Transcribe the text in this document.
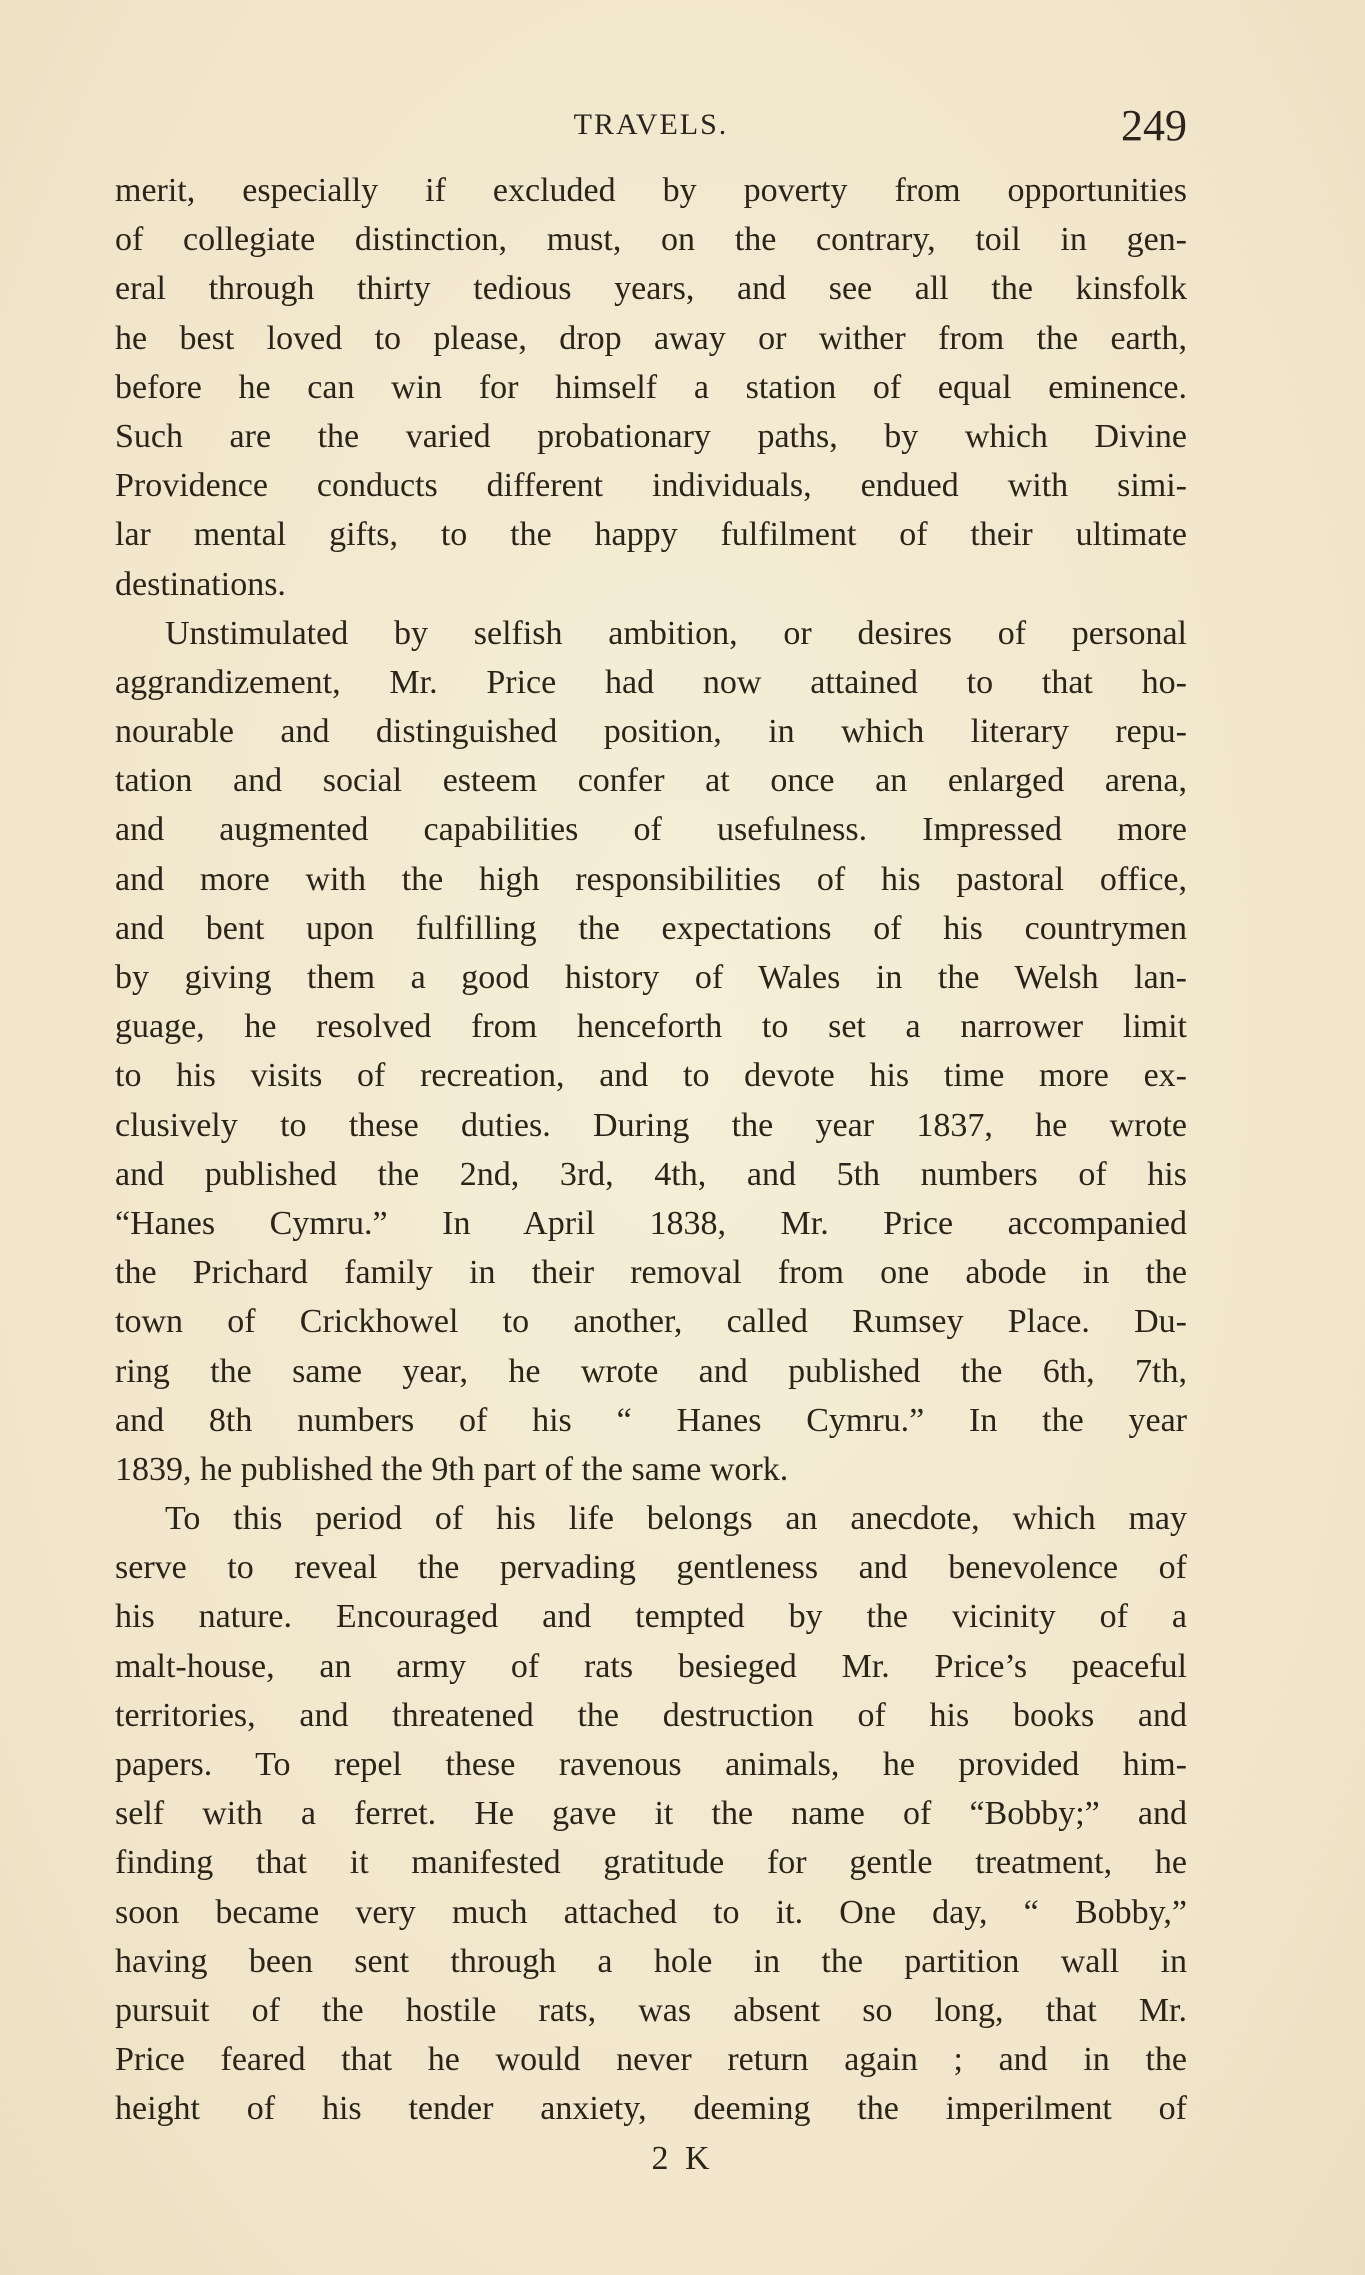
TRAVELS.	249
merit, especially if excluded by poverty from opportunities
of collegiate distinction, must, on the contrary, toil in gen-
eral through thirty tedious years, and see all the kinsfolk
he best loved to please, drop away or wither from the earth,
before he can win for himself a station of equal eminence.
Such are the varied probationary paths, by which Divine
Providence conducts different individuals, endued with simi-
lar mental gifts, to the happy fulfilment of their ultimate
destinations.
Unstimulated by selfish ambition, or desires of personal
aggrandizement, Mr. Price had now attained to that ho-
nourable and distinguished position, in which literary repu-
tation and social esteem confer at once an enlarged arena,
and augmented capabilities of usefulness. Impressed more
and more with the high responsibilities of his pastoral office,
and bent upon fulfilling the expectations of his countrymen
by giving them a good history of Wales in the Welsh lan-
guage, he resolved from henceforth to set a narrower limit
to his visits of recreation, and to devote his time more ex-
clusively to these duties. During the year 1837, he wrote
and published the 2nd, 3rd, 4th, and 5th numbers of his
“Hanes Cymru.” In April 1838, Mr. Price accompanied
the Prichard family in their removal from one abode in the
town of Crickhowel to another, called Rumsey Place. Du-
ring the same year, he wrote and published the 6th, 7th,
and 8th numbers of his “ Hanes Cymru.” In the year
1839, he published the 9th part of the same work.
To this period of his life belongs an anecdote, which may
serve to reveal the pervading gentleness and benevolence of
his nature. Encouraged and tempted by the vicinity of a
malt-house, an army of rats besieged Mr. Price’s peaceful
territories, and threatened the destruction of his books and
papers. To repel these ravenous animals, he provided him-
self with a ferret. He gave it the name of “Bobby;” and
finding that it manifested gratitude for gentle treatment, he
soon became very much attached to it. One day, “ Bobby,”
having been sent through a hole in the partition wall in
pursuit of the hostile rats, was absent so long, that Mr.
Price feared that he would never return again ; and in the
height of his tender anxiety, deeming the imperilment of
2 K
